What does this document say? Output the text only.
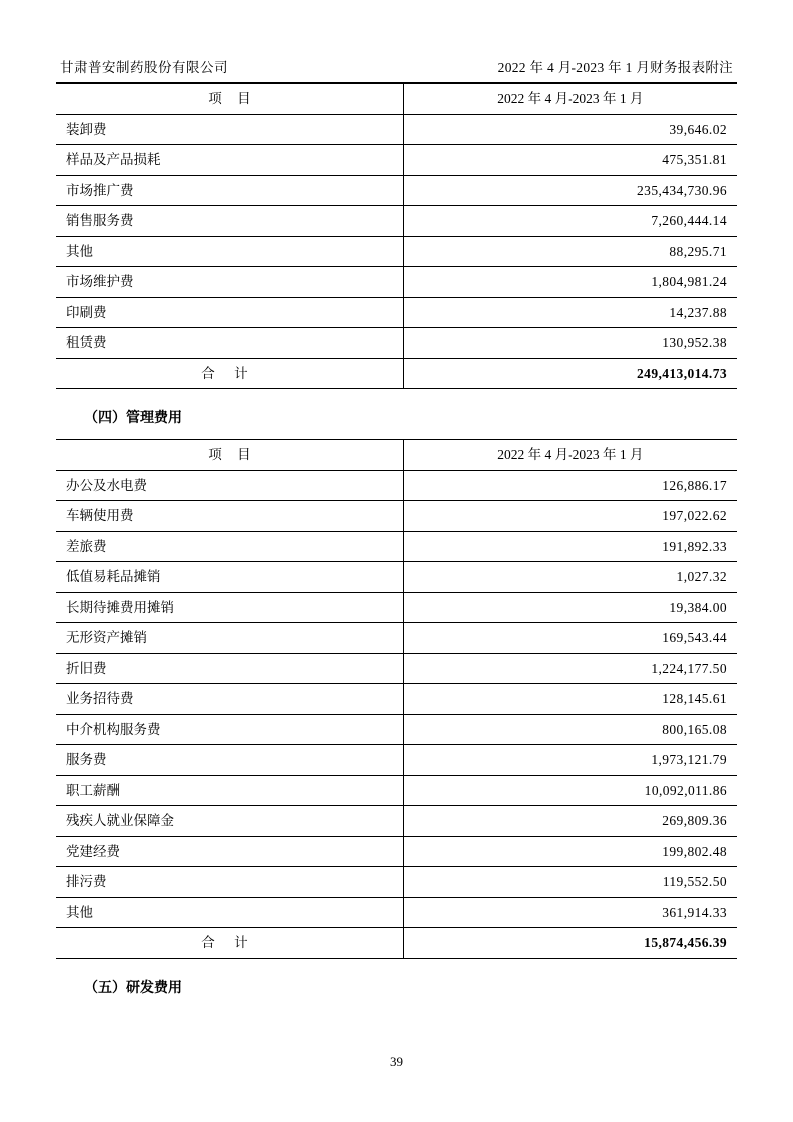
甘肃普安制药股份有限公司	2022 年 4 月-2023 年 1 月财务报表附注
项 目	2022 年 4 月-2023 年 1 月
装卸费	39,646.02
样品及产品损耗	475,351.81
市场推广费	235,434,730.96
销售服务费	7,260,444.14
其他	88,295.71
市场维护费	1,804,981.24
印刷费	14,237.88
租赁费	130,952.38
合 计	249,413,014.73
（四）管理费用
项 目	2022 年 4 月-2023 年 1 月
办公及水电费	126,886.17
车辆使用费	197,022.62
差旅费	191,892.33
低值易耗品摊销	1,027.32
长期待摊费用摊销	19,384.00
无形资产摊销	169,543.44
折旧费	1,224,177.50
业务招待费	128,145.61
中介机构服务费	800,165.08
服务费	1,973,121.79
职工薪酬	10,092,011.86
残疾人就业保障金	269,809.36
党建经费	199,802.48
排污费	119,552.50
其他	361,914.33
合 计	15,874,456.39
（五）研发费用
39
